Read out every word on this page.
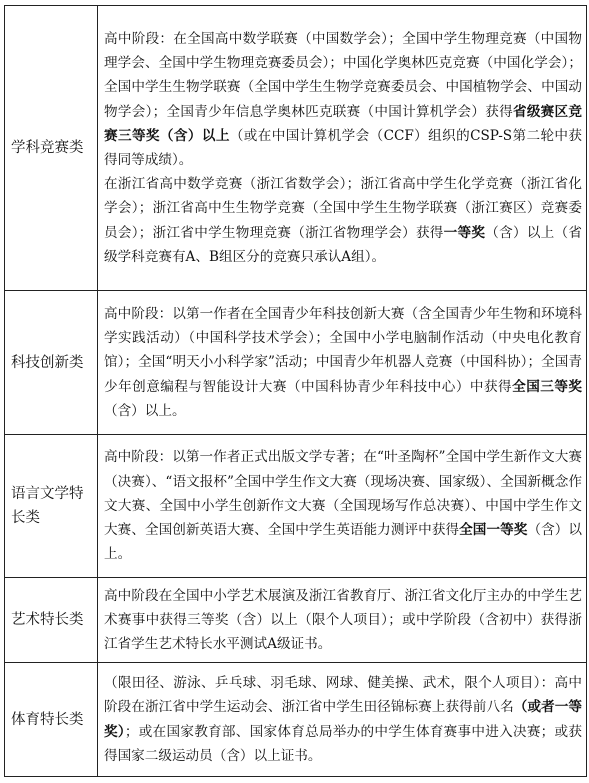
学科竞赛类	高中阶段：在全国高中数学联赛（中国数学会）；全国中学生物理竞赛（中国物理学会、全国中学生物理竞赛委员会）；中国化学奥林匹克竞赛（中国化学会）；全国中学生生物学联赛（全国中学生生物学竞赛委员会、中国植物学会、中国动物学会）；全国青少年信息学奥林匹克联赛（中国计算机学会）获得省级赛区竞赛三等奖（含）以上（或在中国计算机学会（CCF）组织的CSP-S第二轮中获得同等成绩）。

在浙江省高中数学竞赛（浙江省数学会）；浙江省高中学生化学竞赛（浙江省化学会）；浙江省高中生生物学竞赛（全国中学生生物学联赛（浙江赛区）竞赛委员会）；浙江省中学生物理竞赛（浙江省物理学会）获得一等奖（含）以上（省级学科竞赛有A、B组区分的竞赛只承认A组）。

科技创新类	高中阶段：以第一作者在全国青少年科技创新大赛（含全国青少年生物和环境科学实践活动）（中国科学技术学会）；全国中小学电脑制作活动（中央电化教育馆）；全国“明天小小科学家”活动；中国青少年机器人竞赛（中国科协）；全国青少年创意编程与智能设计大赛（中国科协青少年科技中心）中获得全国三等奖（含）以上。

语言文学特长类	高中阶段：以第一作者正式出版文学专著；在“叶圣陶杯”全国中学生新作文大赛（决赛）、“语文报杯”全国中学生作文大赛（现场决赛、国家级）、全国新概念作文大赛、全国中小学生创新作文大赛（全国现场写作总决赛）、中国中学生作文大赛、全国创新英语大赛、全国中学生英语能力测评中获得全国一等奖（含）以上。

艺术特长类	高中阶段在全国中小学艺术展演及浙江省教育厅、浙江省文化厅主办的中学生艺术赛事中获得三等奖（含）以上（限个人项目）；或中学阶段（含初中）获得浙江省学生艺术特长水平测试A级证书。

体育特长类	（限田径、游泳、乒乓球、羽毛球、网球、健美操、武术，限个人项目）：高中阶段在浙江省中学生运动会、浙江省中学生田径锦标赛上获得前八名（或者一等奖）；或在国家教育部、国家体育总局举办的中学生体育赛事中进入决赛；或获得国家二级运动员（含）以上证书。
